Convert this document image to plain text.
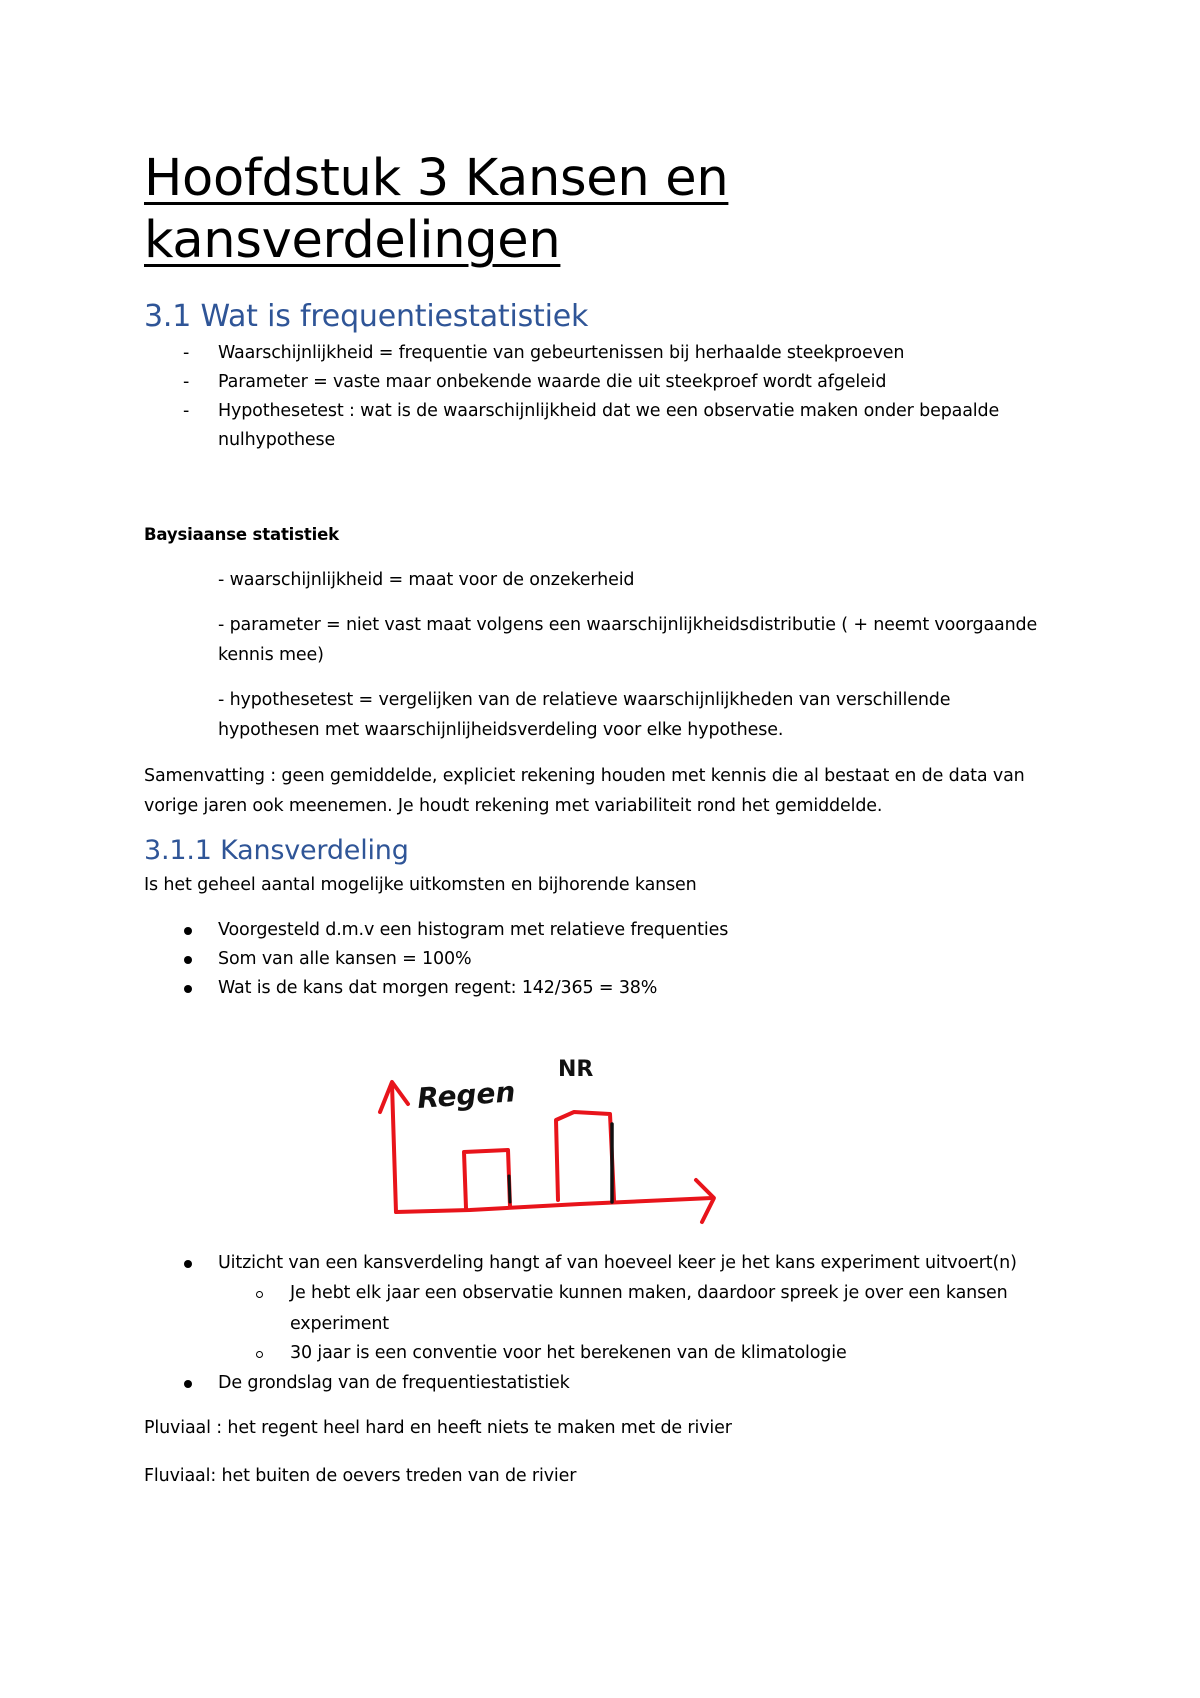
Hoofdstuk 3 Kansen en
kansverdelingen
3.1 Wat is frequentiestatistiek
- Waarschijnlijkheid = frequentie van gebeurtenissen bij herhaalde steekproeven
- Parameter = vaste maar onbekende waarde die uit steekproef wordt afgeleid
- Hypothesetest : wat is de waarschijnlijkheid dat we een observatie maken onder bepaalde
nulhypothese
Baysiaanse statistiek
- waarschijnlijkheid = maat voor de onzekerheid
- parameter = niet vast maat volgens een waarschijnlijkheidsdistributie ( + neemt voorgaande
kennis mee)
- hypothesetest = vergelijken van de relatieve waarschijnlijkheden van verschillende
hypothesen met waarschijnlijheidsverdeling voor elke hypothese.
Samenvatting : geen gemiddelde, expliciet rekening houden met kennis die al bestaat en de data van
vorige jaren ook meenemen. Je houdt rekening met variabiliteit rond het gemiddelde.
3.1.1 Kansverdeling
Is het geheel aantal mogelijke uitkomsten en bijhorende kansen
Voorgesteld d.m.v een histogram met relatieve frequenties
Som van alle kansen = 100%
Wat is de kans dat morgen regent: 142/365 = 38%
Regen
NR
Uitzicht van een kansverdeling hangt af van hoeveel keer je het kans experiment uitvoert(n)
Je hebt elk jaar een observatie kunnen maken, daardoor spreek je over een kansen
experiment
30 jaar is een conventie voor het berekenen van de klimatologie
De grondslag van de frequentiestatistiek
Pluviaal : het regent heel hard en heeft niets te maken met de rivier
Fluviaal: het buiten de oevers treden van de rivier
